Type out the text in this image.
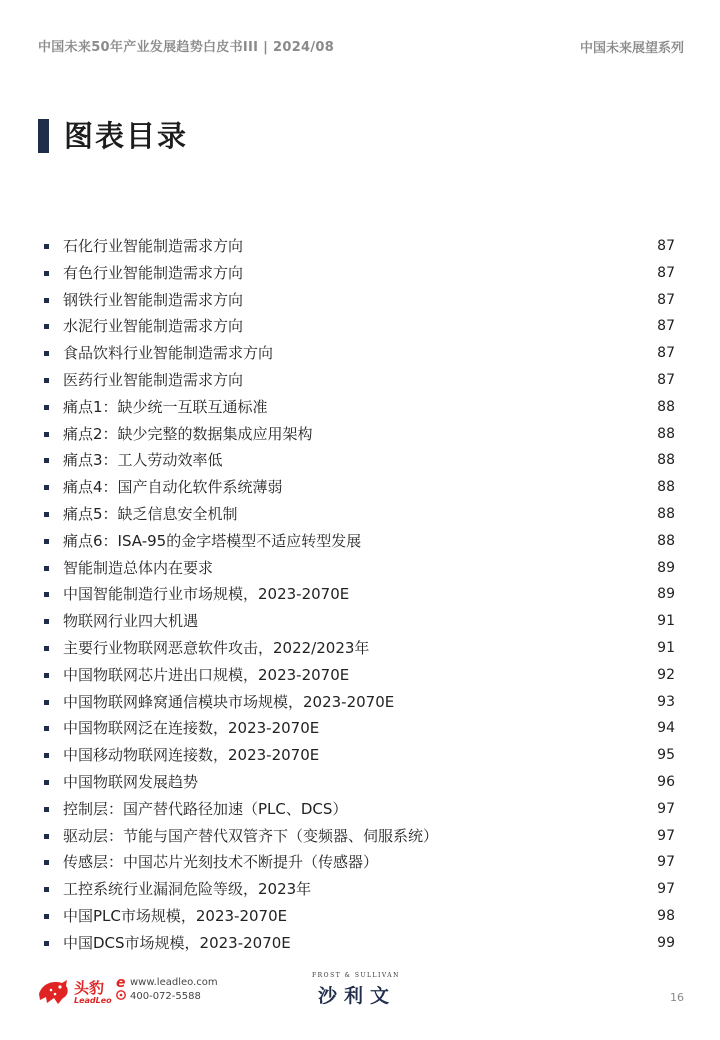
中国未来50年产业发展趋势白皮书III | 2024/08	中国未来展望系列
图表目录
石化行业智能制造需求方向	87
有色行业智能制造需求方向	87
钢铁行业智能制造需求方向	87
水泥行业智能制造需求方向	87
食品饮料行业智能制造需求方向	87
医药行业智能制造需求方向	87
痛点1：缺少统一互联互通标准	88
痛点2：缺少完整的数据集成应用架构	88
痛点3：工人劳动效率低	88
痛点4：国产自动化软件系统薄弱	88
痛点5：缺乏信息安全机制	88
痛点6：ISA-95的金字塔模型不适应转型发展	88
智能制造总体内在要求	89
中国智能制造行业市场规模，2023-2070E	89
物联网行业四大机遇	91
主要行业物联网恶意软件攻击，2022/2023年	91
中国物联网芯片进出口规模，2023-2070E	92
中国物联网蜂窝通信模块市场规模，2023-2070E	93
中国物联网泛在连接数，2023-2070E	94
中国移动物联网连接数，2023-2070E	95
中国物联网发展趋势	96
控制层：国产替代路径加速（PLC、DCS）	97
驱动层：节能与国产替代双管齐下（变频器、伺服系统）	97
传感层：中国芯片光刻技术不断提升（传感器）	97
工控系统行业漏洞危险等级，2023年	97
中国PLC市场规模，2023-2070E	98
中国DCS市场规模，2023-2070E	99
头豹
LeadLeo
e www.leadleo.com
400-072-5588
FROST & SULLIVAN
沙利文	16
